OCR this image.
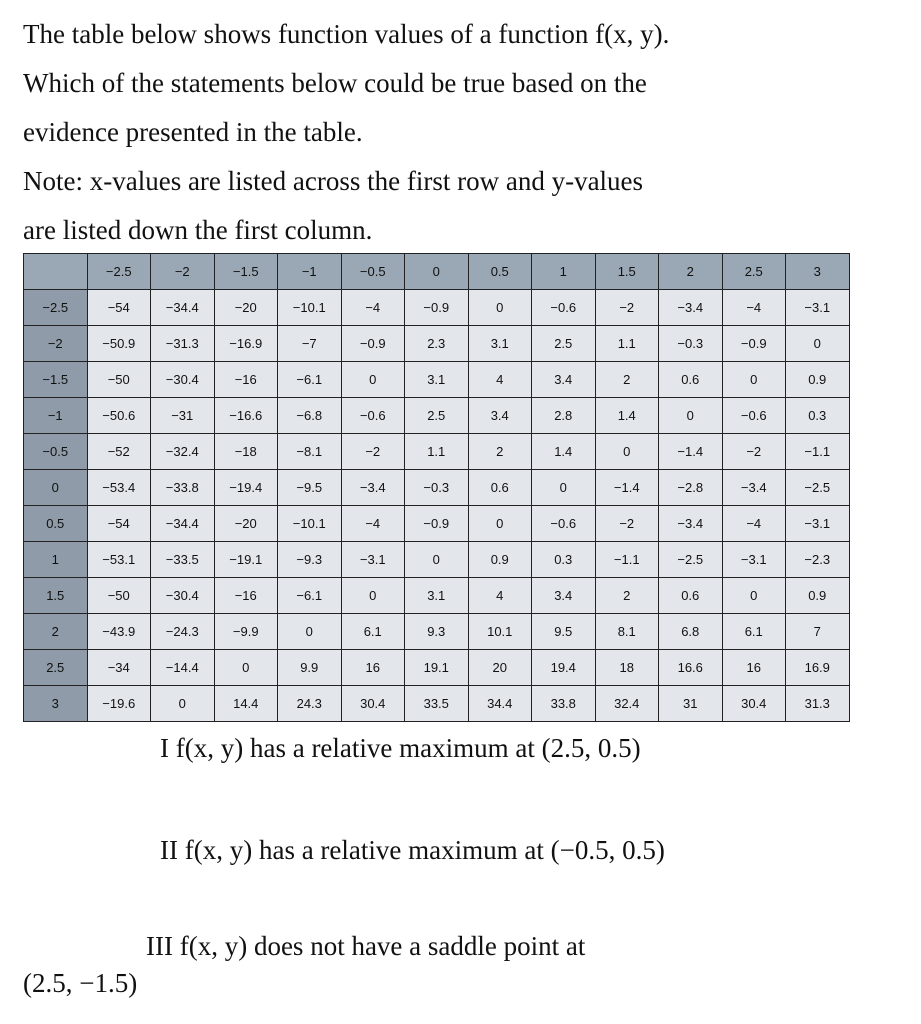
The table below shows function values of a function f(x, y).

Which of the statements below could be true based on the

evidence presented in the table.

Note: x-values are listed across the first row and y-values

are listed down the first column.

	−2.5	−2	−1.5	−1	−0.5	0	0.5	1	1.5	2	2.5	3
−2.5	−54	−34.4	−20	−10.1	−4	−0.9	0	−0.6	−2	−3.4	−4	−3.1
−2	−50.9	−31.3	−16.9	−7	−0.9	2.3	3.1	2.5	1.1	−0.3	−0.9	0
−1.5	−50	−30.4	−16	−6.1	0	3.1	4	3.4	2	0.6	0	0.9
−1	−50.6	−31	−16.6	−6.8	−0.6	2.5	3.4	2.8	1.4	0	−0.6	0.3
−0.5	−52	−32.4	−18	−8.1	−2	1.1	2	1.4	0	−1.4	−2	−1.1
0	−53.4	−33.8	−19.4	−9.5	−3.4	−0.3	0.6	0	−1.4	−2.8	−3.4	−2.5
0.5	−54	−34.4	−20	−10.1	−4	−0.9	0	−0.6	−2	−3.4	−4	−3.1
1	−53.1	−33.5	−19.1	−9.3	−3.1	0	0.9	0.3	−1.1	−2.5	−3.1	−2.3
1.5	−50	−30.4	−16	−6.1	0	3.1	4	3.4	2	0.6	0	0.9
2	−43.9	−24.3	−9.9	0	6.1	9.3	10.1	9.5	8.1	6.8	6.1	7
2.5	−34	−14.4	0	9.9	16	19.1	20	19.4	18	16.6	16	16.9
3	−19.6	0	14.4	24.3	30.4	33.5	34.4	33.8	32.4	31	30.4	31.3
I f(x, y) has a relative maximum at (2.5, 0.5)
II f(x, y) has a relative maximum at (−0.5, 0.5)
III f(x, y) does not have a saddle point at
(2.5, −1.5)
